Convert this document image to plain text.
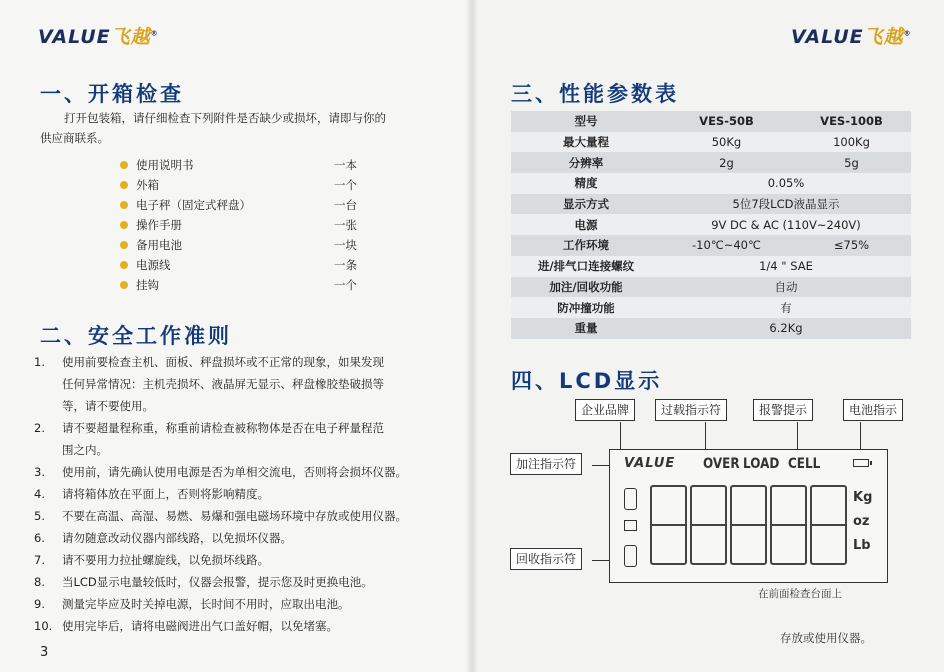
VALUE飞越®	VALUE飞越®
一、开箱检查
打开包装箱，请仔细检查下列附件是否缺少或损坏，请即与你的
供应商联系。
使用说明书	一本
外箱	一个
电子秤（固定式秤盘）	一台
操作手册	一张
备用电池	一块
电源线	一条
挂钩	一个
二、安全工作准则
1. 使用前要检查主机、面板、秤盘损坏或不正常的现象，如果发现
任何异常情况：主机壳损坏、液晶屏无显示、秤盘橡胶垫破损等
等，请不要使用。
2. 请不要超量程称重，称重前请检查被称物体是否在电子秤量程范
围之内。
3. 使用前，请先确认使用电源是否为单相交流电，否则将会损坏仪器。
4. 请将箱体放在平面上，否则将影响精度。
5. 不要在高温、高湿、易燃、易爆和强电磁场环境中存放或使用仪器。
6. 请勿随意改动仪器内部线路，以免损坏仪器。
7. 请不要用力拉扯螺旋线，以免损坏线路。
8. 当LCD显示电量较低时，仪器会报警，提示您及时更换电池。
9. 测量完毕应及时关掉电源，长时间不用时，应取出电池。
10. 使用完毕后，请将电磁阀进出气口盖好帽，以免堵塞。
3
三、性能参数表
型号	VES-50B	VES-100B
最大量程	50Kg	100Kg
分辨率	2g	5g
精度	0.05%	
显示方式	5位7段LCD液晶显示	
电源	9V DC & AC (110V~240V)	
工作环境	-10℃~40℃	≤75%
进/排气口连接螺纹	1/4 " SAE	
加注/回收功能	自动	
防冲撞功能	有	
重量	6.2Kg	
四、LCD显示
企业品牌	过载指示符	报警提示	电池指示
加注指示符
回收指示符
VALUE OVER LOAD CELL
Kg
oz
Lb
在前面检查台面上
存放或使用仪器。
